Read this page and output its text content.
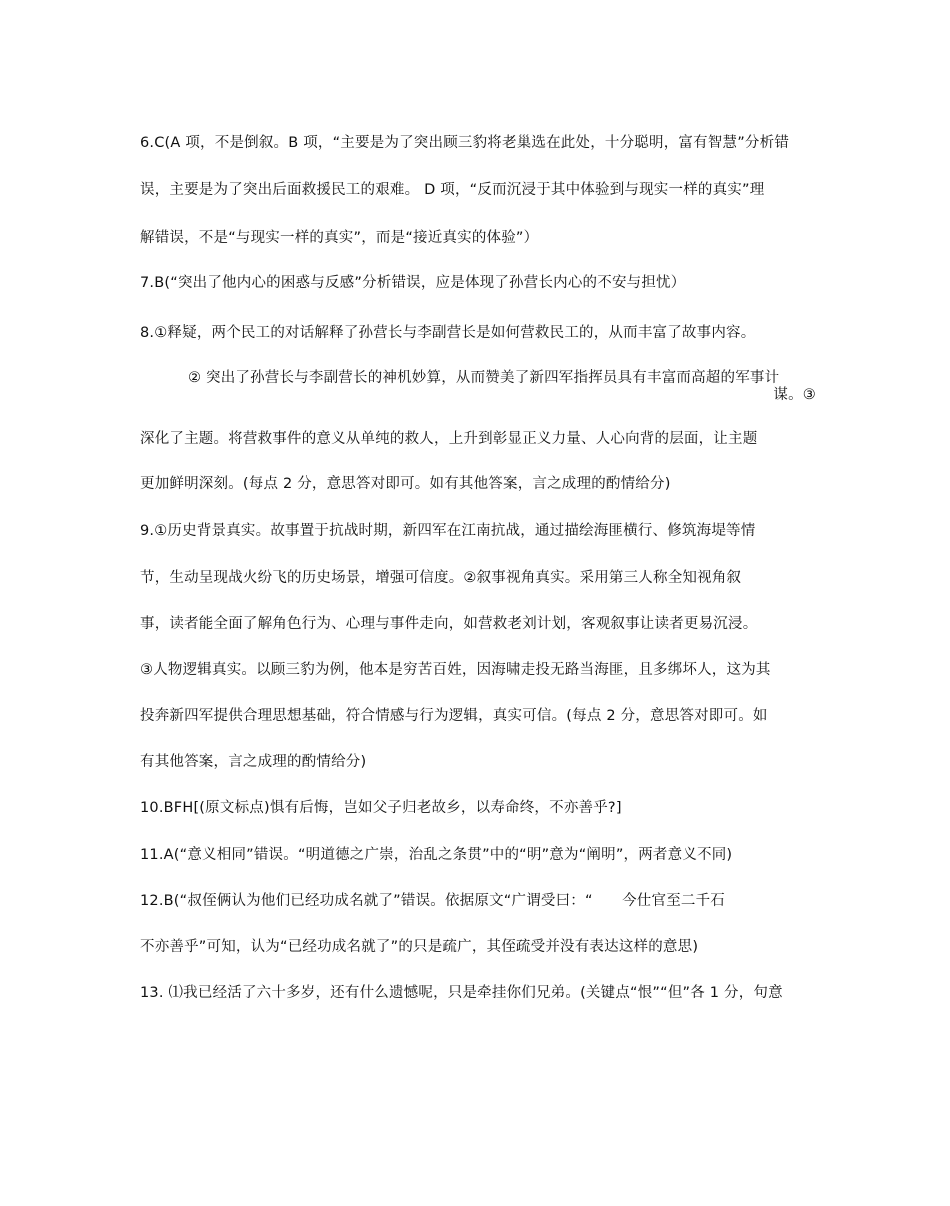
6.C(A 项，不是倒叙。B 项，“主要是为了突出顾三豹将老巢选在此处，十分聪明，富有智慧”分析错
误，主要是为了突出后面救援民工的艰难。 D 项，“反而沉浸于其中体验到与现实一样的真实”理
解错误，不是“与现实一样的真实”，而是“接近真实的体验”）
7.B(“突出了他内心的困惑与反感”分析错误，应是体现了孙营长内心的不安与担忧）
8.①释疑，两个民工的对话解释了孙营长与李副营长是如何营救民工的，从而丰富了故事内容。
② 突出了孙营长与李副营长的神机妙算，从而赞美了新四军指挥员具有丰富而高超的军事计
谋。③
深化了主题。将营救事件的意义从单纯的救人，上升到彰显正义力量、人心向背的层面，让主题
更加鲜明深刻。(每点 2 分，意思答对即可。如有其他答案，言之成理的酌情给分)
9.①历史背景真实。故事置于抗战时期，新四军在江南抗战，通过描绘海匪横行、修筑海堤等情
节，生动呈现战火纷飞的历史场景，增强可信度。②叙事视角真实。采用第三人称全知视角叙
事，读者能全面了解角色行为、心理与事件走向，如营救老刘计划，客观叙事让读者更易沉浸。
③人物逻辑真实。以顾三豹为例，他本是穷苦百姓，因海啸走投无路当海匪，且多绑坏人，这为其
投奔新四军提供合理思想基础，符合情感与行为逻辑，真实可信。(每点 2 分，意思答对即可。如
有其他答案，言之成理的酌情给分)
10.BFH[(原文标点)惧有后悔，岂如父子归老故乡，以寿命终，不亦善乎?]
11.A(“意义相同”错误。“明道德之广崇，治乱之条贯”中的“明”意为“阐明”，两者意义不同)
12.B(“叔侄俩认为他们已经功成名就了”错误。依据原文“广谓受曰：“　　今仕官至二千石
不亦善乎”可知，认为“已经功成名就了”的只是疏广，其侄疏受并没有表达这样的意思)
13. ⑴我已经活了六十多岁，还有什么遗憾呢，只是牵挂你们兄弟。(关键点“恨”“但”各 1 分，句意
